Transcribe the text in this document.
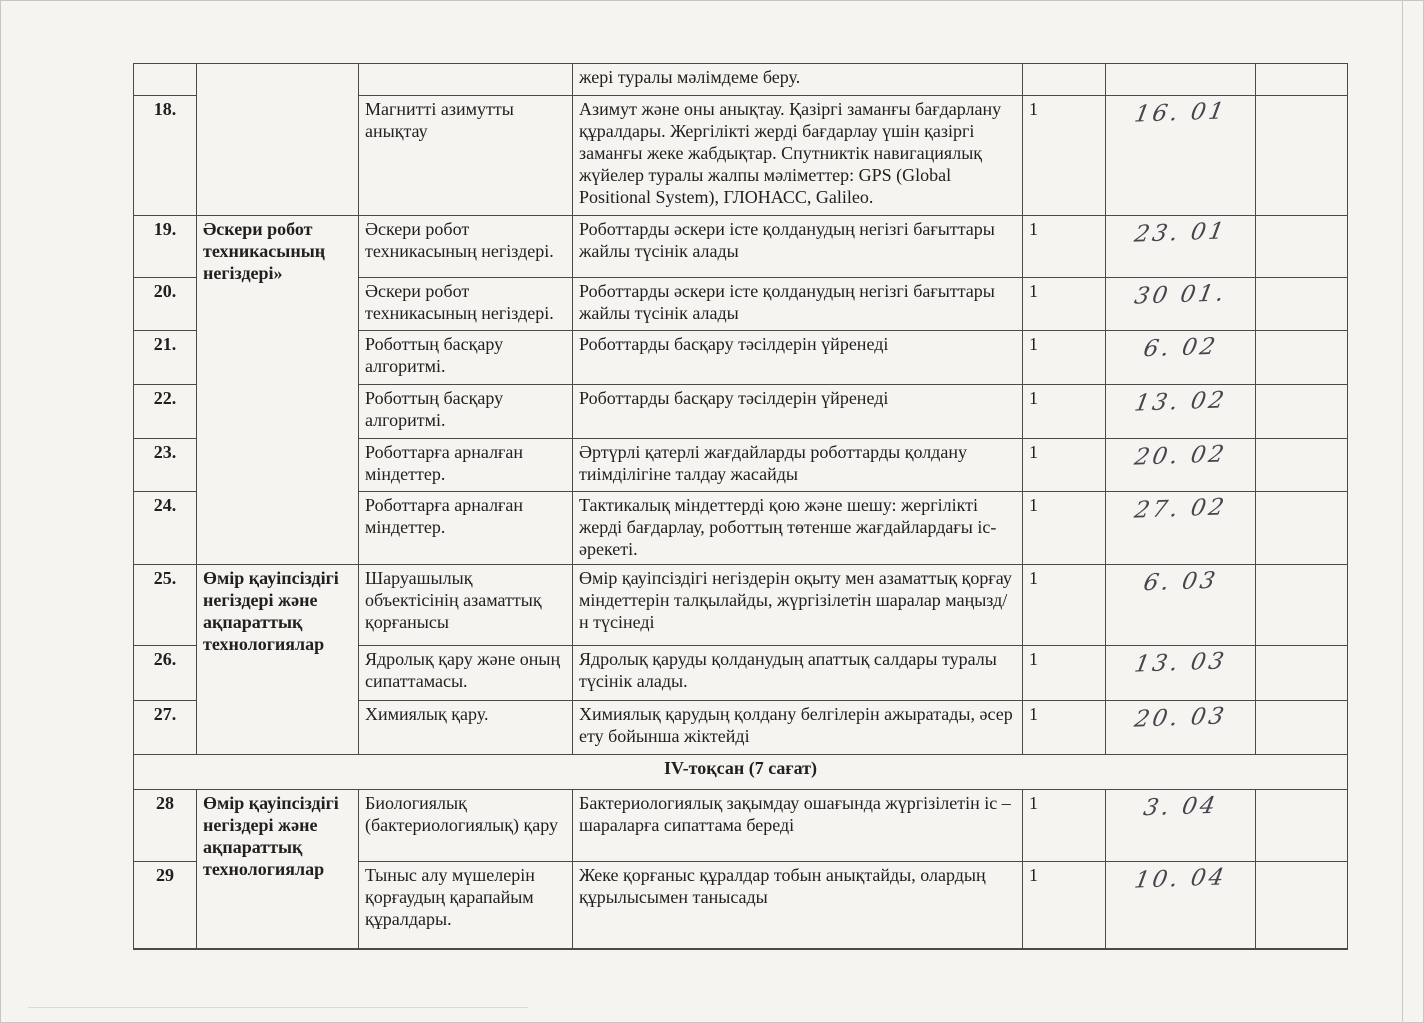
			жері туралы мәлімдеме беру.			
18.		Магнитті азимутты анықтау	Азимут және оны анықтау. Қазіргі заманғы бағдарлану құралдары. Жергілікті жерді бағдарлау үшін қазіргі заманғы жеке жабдықтар. Спутниктік навигациялық жүйелер туралы жалпы мәліметтер: GPS (Global Positional System), ГЛОНАСС, Galileo.	1	16. 01	
19.	Әскери робот техникасының негіздері»	Әскери робот техникасының негіздері.	Роботтарды әскери істе қолданудың негізгі бағыттары жайлы түсінік алады	1	23. 01	
20.		Әскери робот техникасының негіздері.	Роботтарды әскери істе қолданудың негізгі бағыттары жайлы түсінік алады	1	30 01.	
21.		Роботтың басқару алгоритмі.	Роботтарды басқару тәсілдерін үйренеді	1	6. 02	
22.		Роботтың басқару алгоритмі.	Роботтарды басқару тәсілдерін үйренеді	1	13. 02	
23.		Роботтарға арналған міндеттер.	Әртүрлі қатерлі жағдайларды роботтарды қолдану тиімділігіне талдау жасайды	1	20. 02	
24.		Роботтарға арналған міндеттер.	Тактикалық міндеттерді қою және шешу: жергілікті жерді бағдарлау, роботтың төтенше жағдайлардағы іс-әрекеті.	1	27. 02	
25.	Өмір қауіпсіздігі негіздері және ақпараттық технологиялар	Шаруашылық объектісінің азаматтық қорғанысы	Өмір қауіпсіздігі негіздерін оқыту мен азаматтық қорғау міндеттерін талқылайды, жүргізілетін шаралар маңызд/н түсінеді	1	6. 03	
26.		Ядролық қару және оның сипаттамасы.	Ядролық қаруды қолданудың апаттық салдары туралы түсінік алады.	1	13. 03	
27.		Химиялық қару.	Химиялық қарудың қолдану белгілерін ажыратады, әсер ету бойынша жіктейді	1	20. 03	
IV-тоқсан (7 сағат)						
28	Өмір қауіпсіздігі негіздері және ақпараттық технологиялар	Биологиялық (бактериологиялық) қару	Бактериологиялық зақымдау ошағында жүргізілетін іс – шараларға сипаттама береді	1	3. 04	
29		Тыныс алу мүшелерін қорғаудың қарапайым құралдары.	Жеке қорғаныс құралдар тобын анықтайды, олардың құрылысымен танысады	1	10. 04	
